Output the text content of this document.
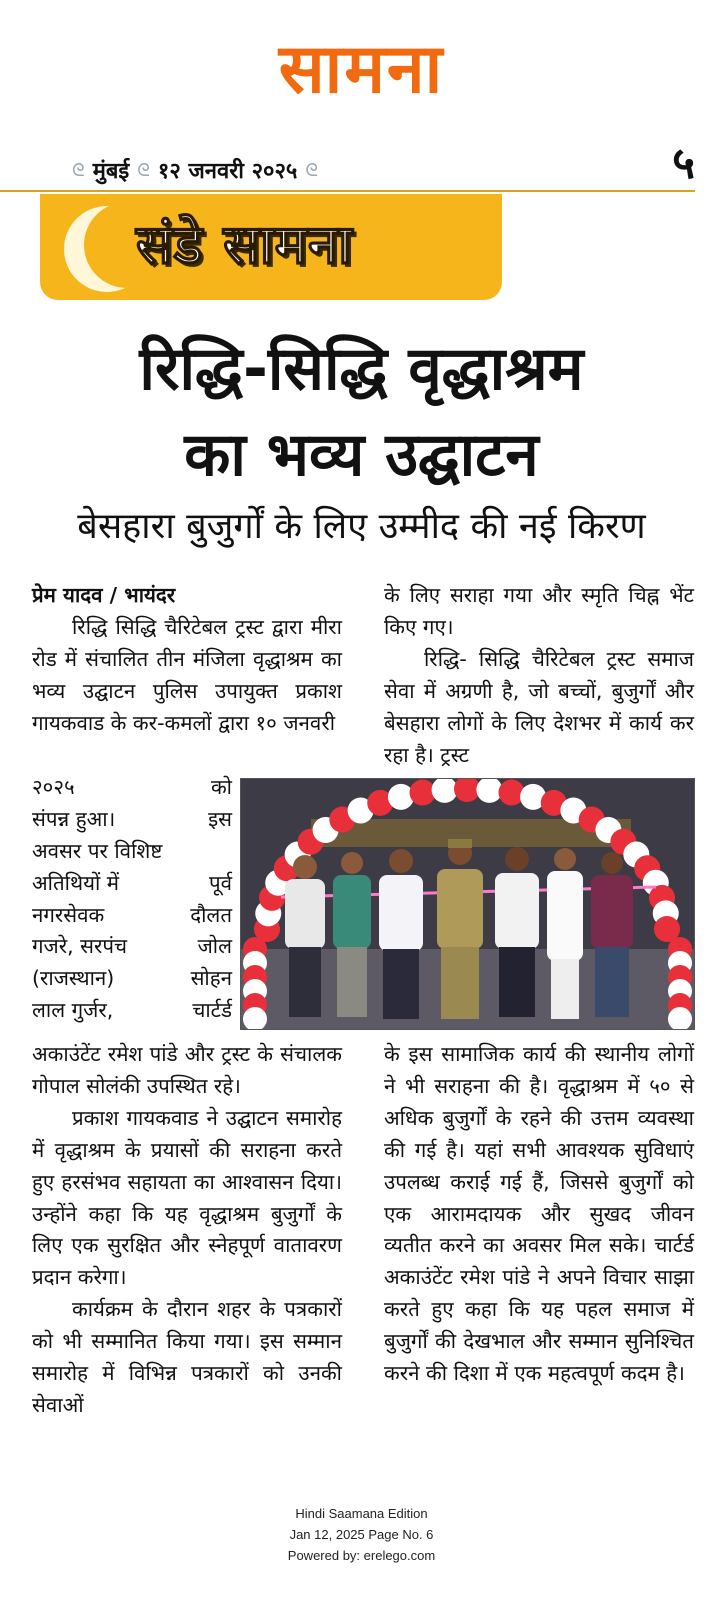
सामना
ᘓ मुंबई ᘓ १२ जनवरी २०२५ ᘓ	५
संडे सामना
रिद्धि-सिद्धि वृद्धाश्रम
का भव्य उद्घाटन
बेसहारा बुजुर्गों के लिए उम्मीद की नई किरण

प्रेम यादव / भायंदर

रिद्धि सिद्धि चैरिटेबल ट्रस्ट द्वारा मीरा रोड में संचालित तीन मंजिला वृद्धाश्रम का भव्य उद्घाटन पुलिस उपायुक्त प्रकाश गायकवाड के कर-कमलों द्वारा १० जनवरी

२०२५	को
संपन्न हुआ।	इस
अवसर पर विशिष्ट
अतिथियों में	पूर्व
नगरसेवक	दौलत
गजरे, सरपंच	जोल
(राजस्थान)	सोहन
लाल गुर्जर,	चार्टर्ड

अकाउंटेंट रमेश पांडे और ट्रस्ट के संचालक गोपाल सोलंकी उपस्थित रहे।

प्रकाश गायकवाड ने उद्घाटन समारोह में वृद्धाश्रम के प्रयासों की सराहना करते हुए हरसंभव सहायता का आश्वासन दिया। उन्होंने कहा कि यह वृद्धाश्रम बुजुर्गों के लिए एक सुरक्षित और स्नेहपूर्ण वातावरण प्रदान करेगा।

कार्यक्रम के दौरान शहर के पत्रकारों को भी सम्मानित किया गया। इस सम्मान समारोह में विभिन्न पत्रकारों को उनकी सेवाओं

के लिए सराहा गया और स्मृति चिह्न भेंट किए गए।

रिद्धि- सिद्धि चैरिटेबल ट्रस्ट समाज सेवा में अग्रणी है, जो बच्चों, बुजुर्गों और बेसहारा लोगों के लिए देशभर में कार्य कर रहा है। ट्रस्ट

के इस सामाजिक कार्य की स्थानीय लोगों ने भी सराहना की है। वृद्धाश्रम में ५० से अधिक बुजुर्गों के रहने की उत्तम व्यवस्था की गई है। यहां सभी आवश्यक सुविधाएं उपलब्ध कराई गई हैं, जिससे बुजुर्गों को एक आरामदायक और सुखद जीवन व्यतीत करने का अवसर मिल सके। चार्टर्ड अकाउंटेंट रमेश पांडे ने अपने विचार साझा करते हुए कहा कि यह पहल समाज में बुजुर्गों की देखभाल और सम्मान सुनिश्चित करने की दिशा में एक महत्वपूर्ण कदम है।

Hindi Saamana Edition
Jan 12, 2025 Page No. 6
Powered by: erelego.com
